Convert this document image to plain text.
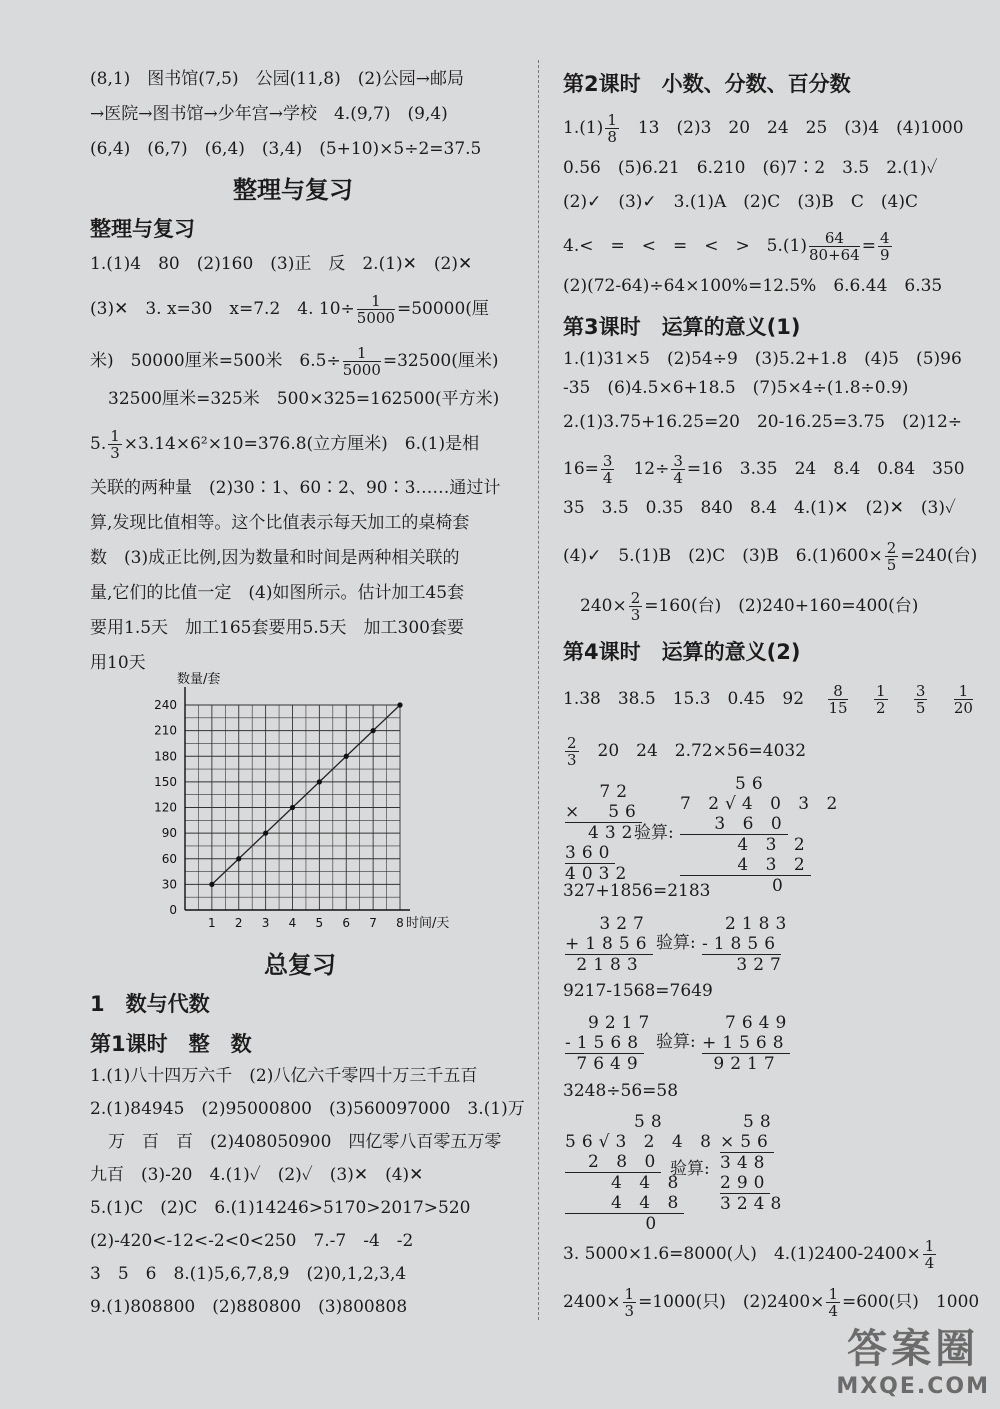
(8,1)　图书馆(7,5)　公园(11,8)　(2)公园→邮局
→医院→图书馆→少年宫→学校　4.(9,7)　(9,4)
(6,4)　(6,7)　(6,4)　(3,4)　(5+10)×5÷2=37.5
整理与复习
整理与复习
1.(1)4　80　(2)160　(3)正　反　2.(1)✕　(2)✕
(3)✕　3. x=30　x=7.2　4. $10\div \frac{1}{5000} =50000$(厘
米)　50000厘米=500米　$6.5\div \frac{1}{5000} =32500$(厘米)
32500厘米=325米　500×325=162500(平方米)
5. $\frac{1}{3} \times 3.14\times 6^2\times 10=376.8$(立方厘米)　6.(1)是相
关联的两种量　(2)30∶1、60∶2、90∶3……通过计
算,发现比值相等。这个比值表示每天加工的桌椅套
数　(3)成正比例,因为数量和时间是两种相关联的
量,它们的比值一定　(4)如图所示。估计加工45套
要用1.5天　加工165套要用5.5天　加工300套要
用10天
0
30
60
90
120
150
180
210
240
1 2 3 4 5 6 7 8
数量/套
时间/天
总复习
1　数与代数
第1课时　整　数
1.(1)八十四万六千　(2)八亿六千零四十万三千五百
2.(1)84945　(2)95000800　(3)560097000　3.(1)万
万　百　百　(2)408050900　四亿零八百零五万零
九百　(3)-20　4.(1)✓　(2)✓　(3)✕　(4)✕
5.(1)C　(2)C　6.(1)14246>5170>2017>520
(2)-420<-12<-2<0<250　7.-7　-4　-2
3　5　6　8.(1)5,6,7,8,9　(2)0,1,2,3,4
9.(1)808800　(2)880800　(3)800808
第2课时　小数、分数、百分数
$1.(1) \frac{1}{8}$
　 13　(2)3　20　24　25　(3)4　(4)1000
0.56　(5)6.21　6.210　(6)7∶2　3.5　2.(1)✓
(2)✓　(3)✓　3.(1)A　(2)C　(3)B　C　(4)C
4.<　=　<　=　<　>　$5.(1) \frac{64}{80+64} = \frac{4}{9}$
(2)(72-64)÷64×100%=12.5%　6.6.44　6.35
第3课时　运算的意义(1)
1.(1)31×5　(2)54÷9　(3)5.2+1.8　(4)5　(5)96
-35　(6)4.5×6+18.5　(7)5×4÷(1.8÷0.9)
2.(1)3.75+16.25=20　20-16.25=3.75　(2)12÷
$16= \frac{3}{4}$
　 $12\div \frac{3}{4} =16$　3.35　24　8.4　0.84　350
35　3.5　0.35　840　8.4　4.(1)✕　(2)✕　(3)✓
(4)✓　5.(1)B　(2)C　(3)B　$6.(1)600\times \frac{2}{5} =240$(台)
$240\times \frac{2}{3} =160$(台)　(2)240+160=400(台)
第4课时　运算的意义(2)
1.38　38.5　15.3　0.45　92　 $\frac{8}{15}$
　 $\frac{1}{2}$
　 $\frac{3}{5}$
　 $\frac{1}{20}$
$\frac{2}{3}$
　 20　24　2.72×56=4032
　 72
×　56
　432
360
4032
验算:
56
7 2√4 0 3 2
　 3 6 0
　　 4 3 2
　　 4 3 2
　　　　0
327+1856=2183
　 327
+1856
2183
验算:
　2183
-1856
　 327
9217-1568=7649
　9217
-1568
7649
验算:
　7649
+1568
9217
3248÷56=58
58
56√3 2 4 8
　2 8 0
　　4 4 8
　　4 4 8
　　　 0
验算:
　58
×56
348
290
3248
3. 5000×1.6=8000(人)　$4.(1)2400-2400\times \frac{1}{4}$
$2400\times \frac{1}{3} =1000$(只)　$(2)2400\times \frac{1}{4} =600$(只)　 1000
答案圈
MXQE.COM
